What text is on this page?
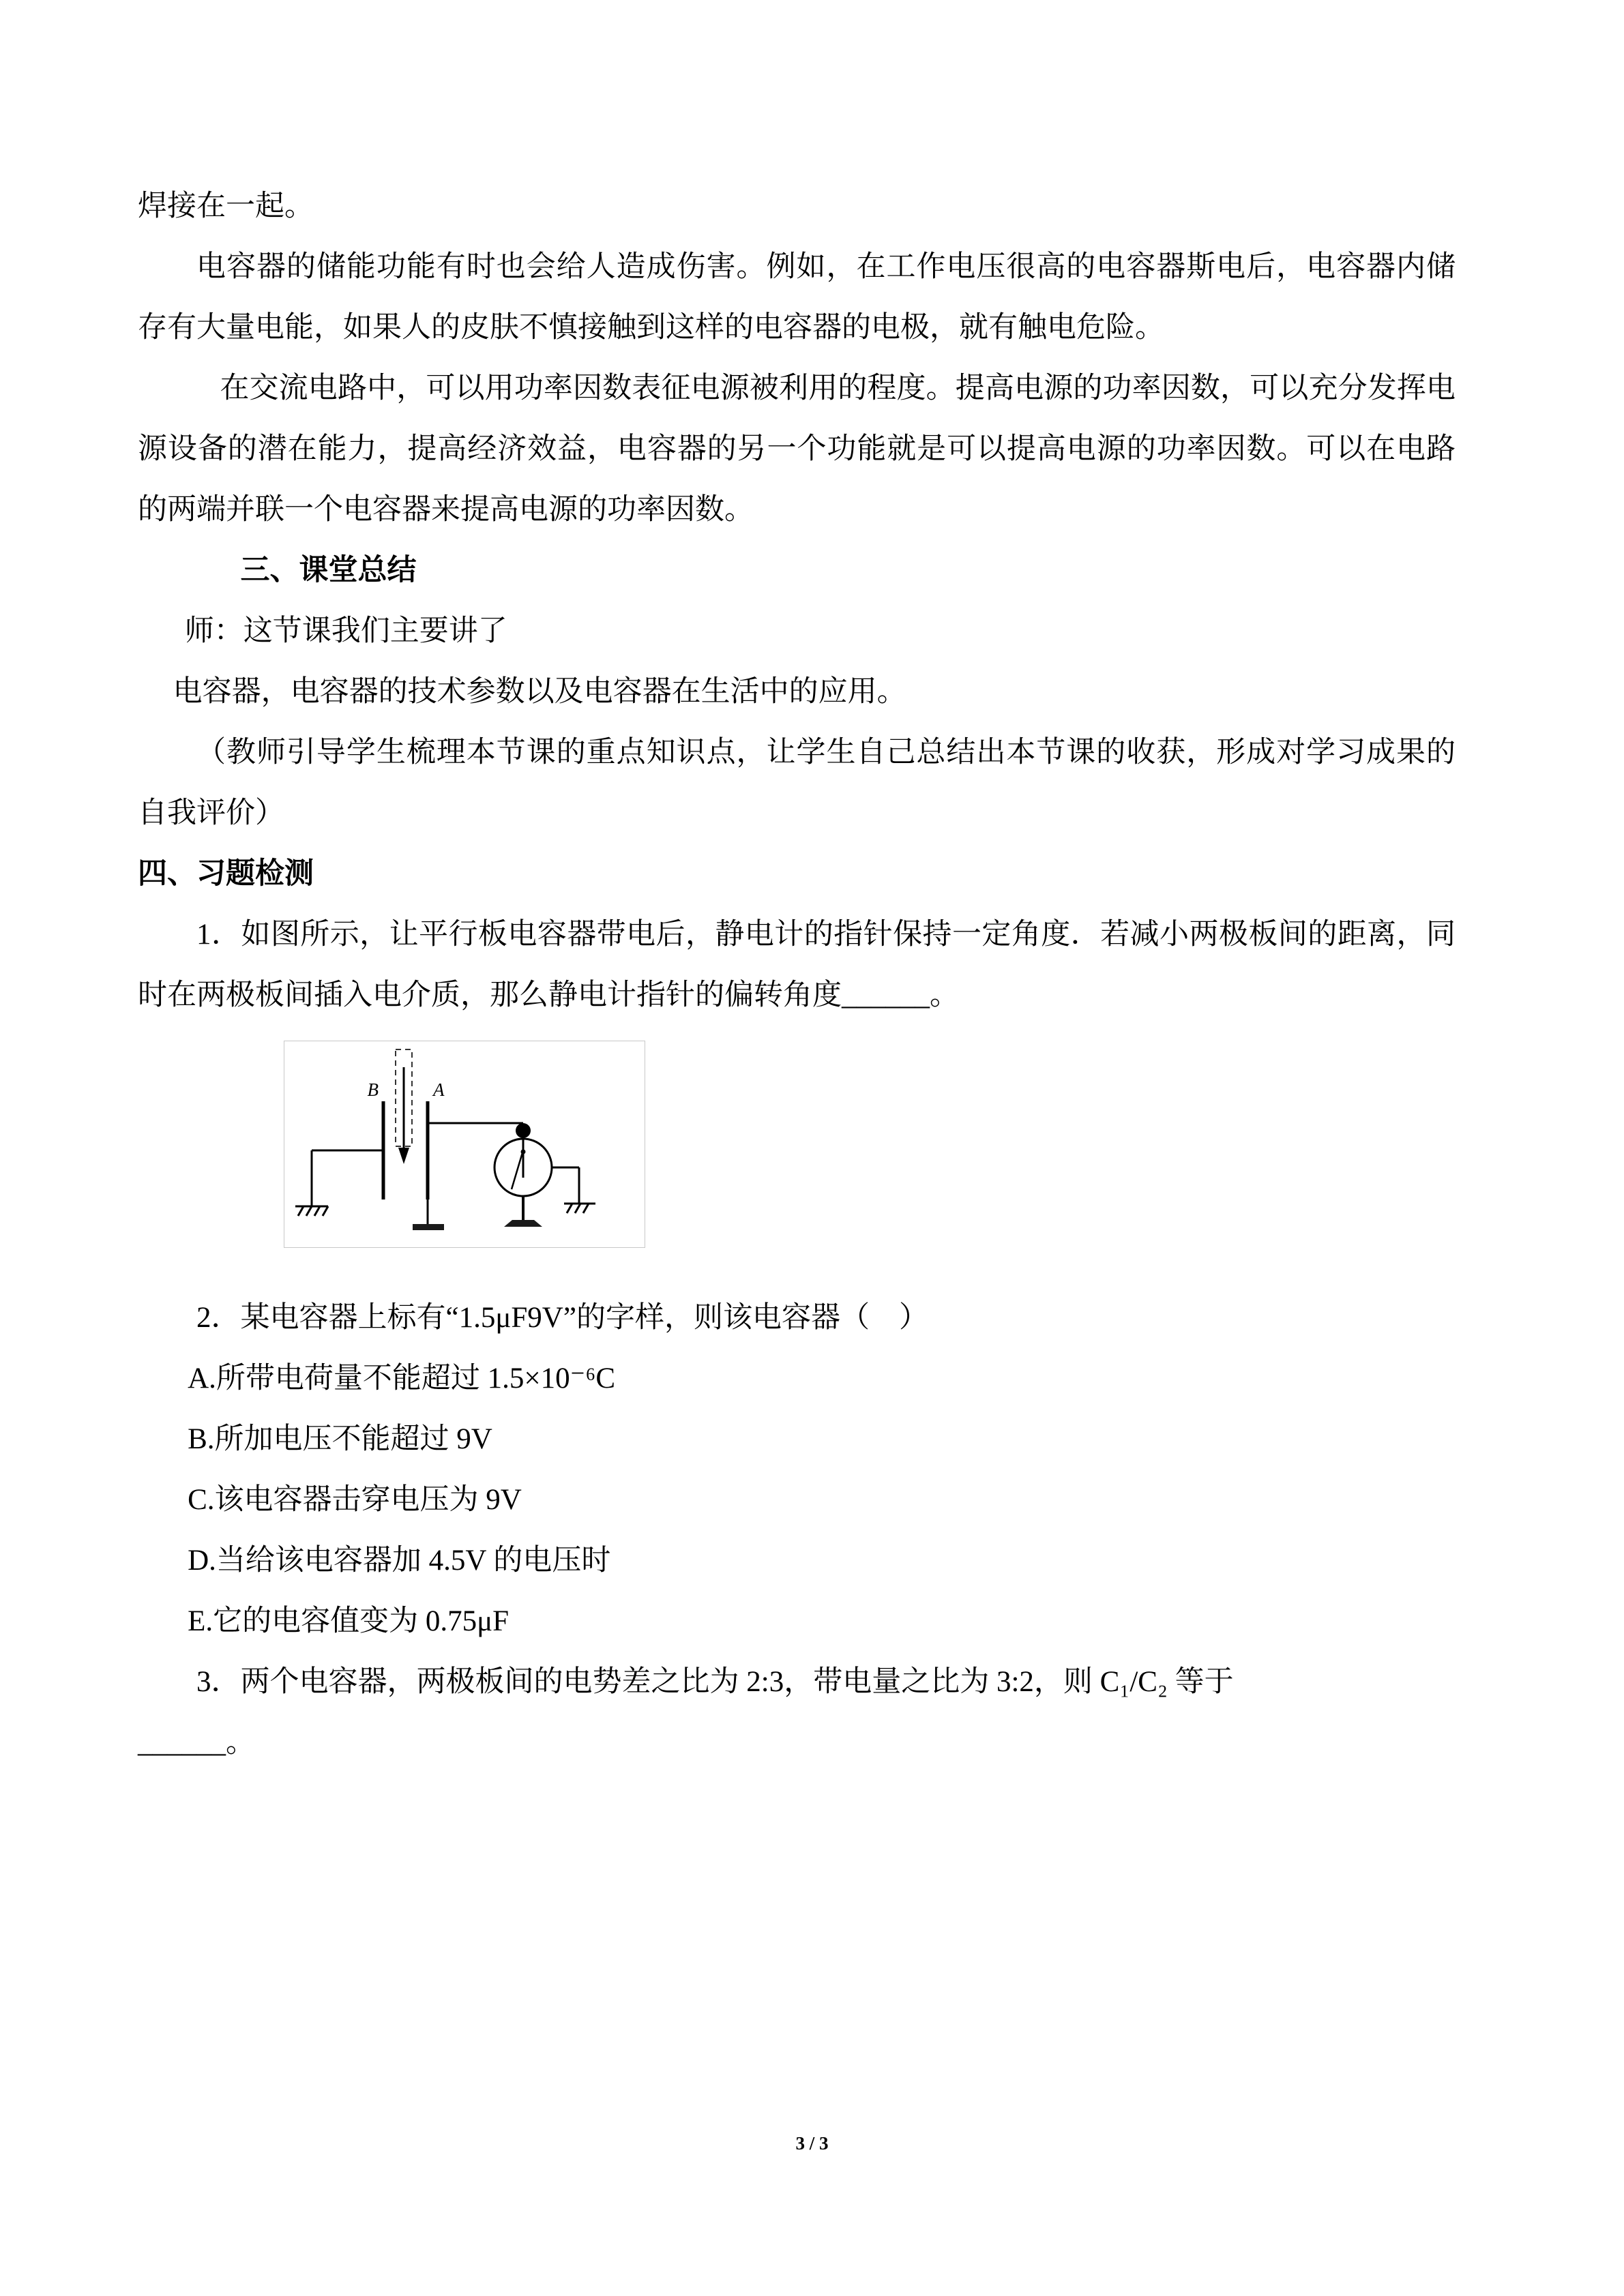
焊接在一起。

电容器的储能功能有时也会给人造成伤害。例如，在工作电压很高的电容器斯电后，电容器内储存有大量电能，如果人的皮肤不慎接触到这样的电容器的电极，就有触电危险。

在交流电路中，可以用功率因数表征电源被利用的程度。提高电源的功率因数，可以充分发挥电源设备的潜在能力，提高经济效益，电容器的另一个功能就是可以提高电源的功率因数。可以在电路的两端并联一个电容器来提高电源的功率因数。

三、课堂总结

师：这节课我们主要讲了

电容器，电容器的技术参数以及电容器在生活中的应用。

（教师引导学生梳理本节课的重点知识点，让学生自己总结出本节课的收获，形成对学习成果的自我评价）

四、习题检测

1．如图所示，让平行板电容器带电后，静电计的指针保持一定角度．若减小两极板间的距离，同时在两极板间插入电介质，那么静电计指针的偏转角度______。

B	A

2．某电容器上标有“1.5μF9V”的字样，则该电容器（　）

A.所带电荷量不能超过 1.5×10⁻⁶C

B.所加电压不能超过 9V

C.该电容器击穿电压为 9V

D.当给该电容器加 4.5V 的电压时

E.它的电容值变为 0.75μF

3．两个电容器，两极板间的电势差之比为 2:3，带电量之比为 3:2，则 C₁/C₂ 等于

______。

3 / 3
